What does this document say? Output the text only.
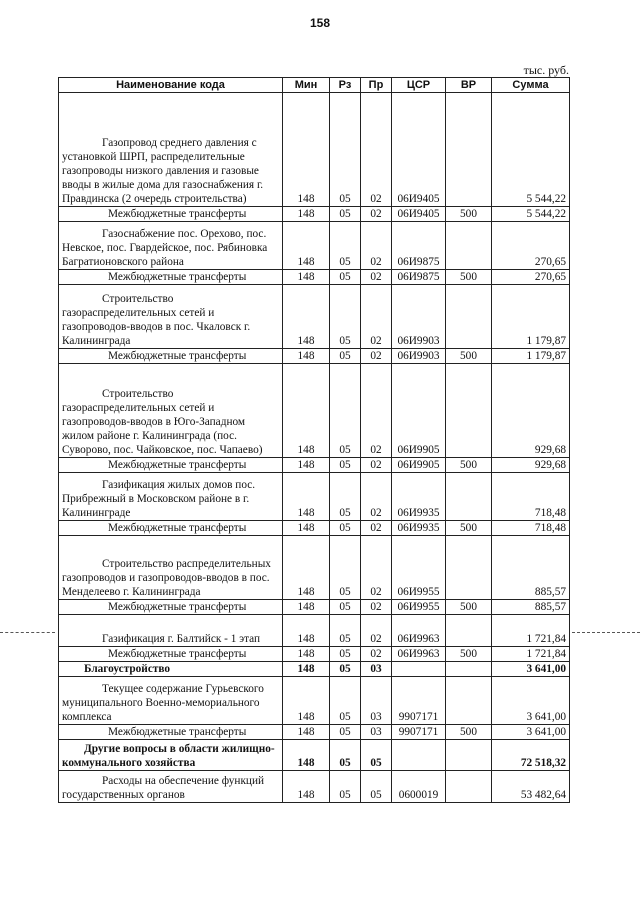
158
тыс. руб.
Наименование кода	Мин	Рз	Пр	ЦСР	ВР	Сумма

Газопровод среднего давления с установкой ШРП, распределительные газопроводы низкого давления и газовые вводы в жилые дома для газоснабжения г. Правдинска (2 очередь строительства)	148	05	02	06И9405		5 544,22

Межбюджетные трансферты	148	05	02	06И9405	500	5 544,22

Газоснабжение пос. Орехово, пос. Невское, пос. Гвардейское, пос. Рябиновка Багратионовского района	148	05	02	06И9875		270,65

Межбюджетные трансферты	148	05	02	06И9875	500	270,65

Строительство газораспределительных сетей и газопроводов-вводов в пос. Чкаловск г. Калининграда	148	05	02	06И9903		1 179,87

Межбюджетные трансферты	148	05	02	06И9903	500	1 179,87

Строительство газораспределительных сетей и газопроводов-вводов в Юго-Западном жилом районе г. Калининграда (пос. Суворово, пос. Чайковское, пос. Чапаево)	148	05	02	06И9905		929,68

Межбюджетные трансферты	148	05	02	06И9905	500	929,68

Газификация жилых домов пос. Прибрежный в Московском районе в г. Калининграде	148	05	02	06И9935		718,48

Межбюджетные трансферты	148	05	02	06И9935	500	718,48

Строительство распределительных газопроводов и газопроводов-вводов в пос. Менделеево г. Калининграда	148	05	02	06И9955		885,57

Межбюджетные трансферты	148	05	02	06И9955	500	885,57

Газификация г. Балтийск - 1 этап	148	05	02	06И9963		1 721,84

Межбюджетные трансферты	148	05	02	06И9963	500	1 721,84

Благоустройство	148	05	03			3 641,00

Текущее содержание Гурьевского муниципального Военно-мемориального комплекса	148	05	03	9907171		3 641,00

Межбюджетные трансферты	148	05	03	9907171	500	3 641,00

Другие вопросы в области жилищно-коммунального хозяйства	148	05	05			72 518,32

Расходы на обеспечение функций государственных органов	148	05	05	0600019		53 482,64
